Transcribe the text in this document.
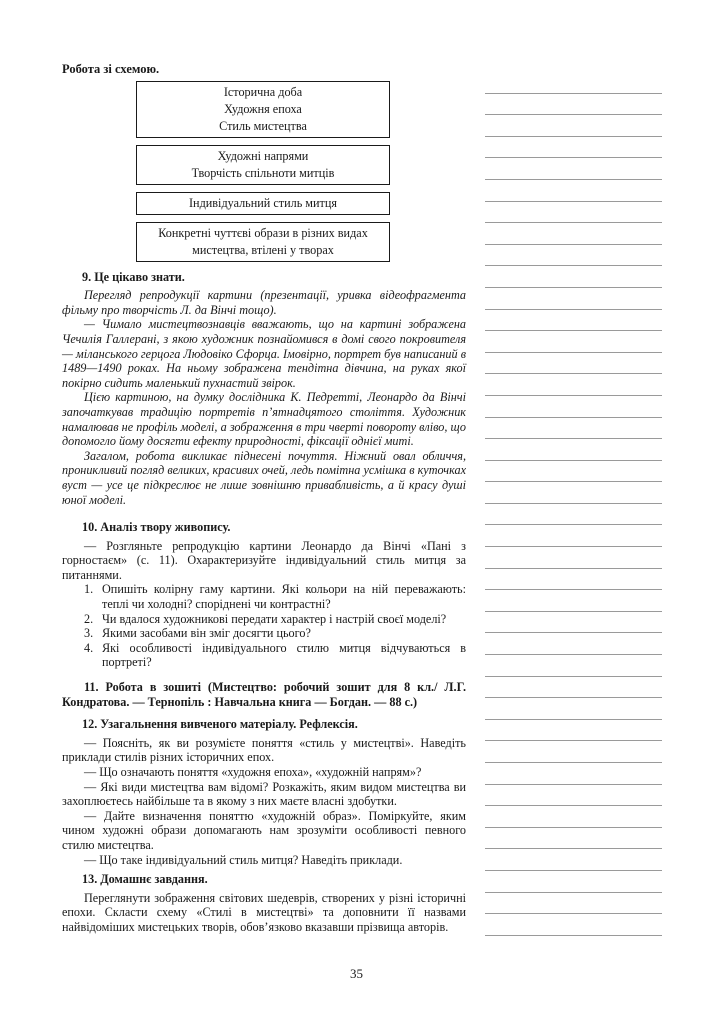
Робота зі схемою.

Історична доба
Художня епоха
Стиль мистецтва
Художні напрями
Творчість спільноти митців
Індивідуальний стиль митця
Конкретні чуттєві образи в різних видах
мистецтва, втілені у творах

9. Це цікаво знати.

Перегляд репродукції картини (презентації, уривка відеофрагмента фільму про творчість Л. да Вінчі тощо).

— Чимало мистецтвознавців вважають, що на картині зображена Чечилія Галлерані, з якою художник познайомився в домі свого покровителя — міланського герцога Людовіко Сфорца. Імовірно, портрет був написаний в 1489—1490 роках. На ньому зображена тендітна дівчина, на руках якої покірно сидить маленький пухнастий звірок.

Цією картиною, на думку дослідника К. Педретті, Леонардо да Вінчі започаткував традицію портретів п’ятнадцятого століття. Художник намалював не профіль моделі, а зображення в три чверті повороту вліво, що допомогло йому досягти ефекту природності, фіксації однієї миті.

Загалом, робота викликає піднесені почуття. Ніжний овал обличчя, проникливий погляд великих, красивих очей, ледь помітна усмішка в куточках вуст — усе це підкреслює не лише зовнішню привабливість, а й красу душі юної моделі.

10. Аналіз твору живопису.

— Розгляньте репродукцію картини Леонардо да Вінчі «Пані з горностаєм» (с. 11). Охарактеризуйте індивідуальний стиль митця за питаннями.

1. Опишіть колірну гаму картини. Які кольори на ній переважають: теплі чи холодні? споріднені чи контрастні?
2. Чи вдалося художникові передати характер і настрій своєї моделі?
3. Якими засобами він зміг досягти цього?
4. Які особливості індивідуального стилю митця відчуваються в портреті?

11. Робота в зошиті (Мистецтво: робочий зошит для 8 кл./ Л.Г. Кондратова. — Тернопіль : Навчальна книга — Богдан. — 88 с.)

12. Узагальнення вивченого матеріалу. Рефлексія.

— Поясніть, як ви розумієте поняття «стиль у мистецтві». Наведіть приклади стилів різних історичних епох.

— Що означають поняття «художня епоха», «художній напрям»?

— Які види мистецтва вам відомі? Розкажіть, яким видом мистецтва ви захоплюєтесь найбільше та в якому з них маєте власні здобутки.

— Дайте визначення поняттю «художній образ». Поміркуйте, яким чином художні образи допомагають нам зрозуміти особливості певного стилю мистецтва.

— Що таке індивідуальний стиль митця? Наведіть приклади.

13. Домашнє завдання.

Переглянути зображення світових шедеврів, створених у різні історичні епохи. Скласти схему «Стилі в мистецтві» та доповнити її назвами найвідоміших мистецьких творів, обов’язково вказавши прізвища авторів.

35
